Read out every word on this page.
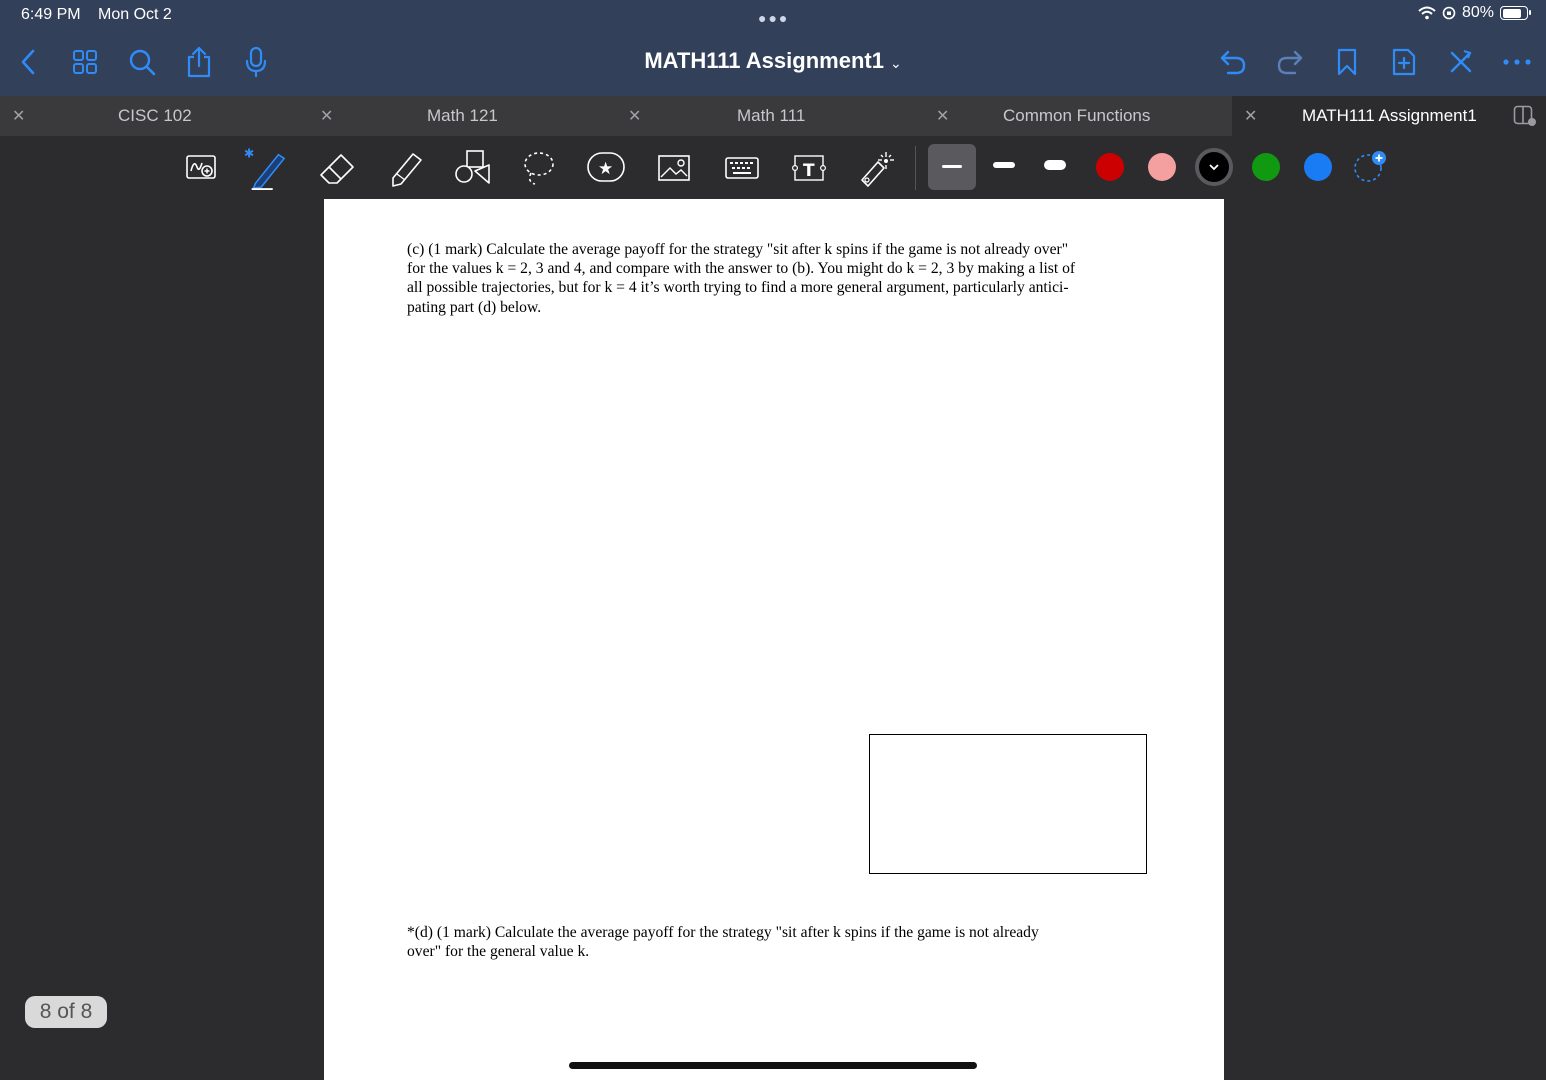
6:49 PM Mon Oct 2	●●●	80%
MATH111 Assignment1 ⌄
✕	CISC 102	✕	Math 121	✕	Math 111	✕	Common Functions	✕	MATH111 Assignment1
✱
★	T
(c) (1 mark) Calculate the average payoff for the strategy "sit after k spins if the game is not already over"
for the values k = 2, 3 and 4, and compare with the answer to (b). You might do k = 2, 3 by making a list of
all possible trajectories, but for k = 4 it’s worth trying to find a more general argument, particularly antici-
pating part (d) below.
*(d) (1 mark) Calculate the average payoff for the strategy "sit after k spins if the game is not already
over" for the general value k.
8 of 8
